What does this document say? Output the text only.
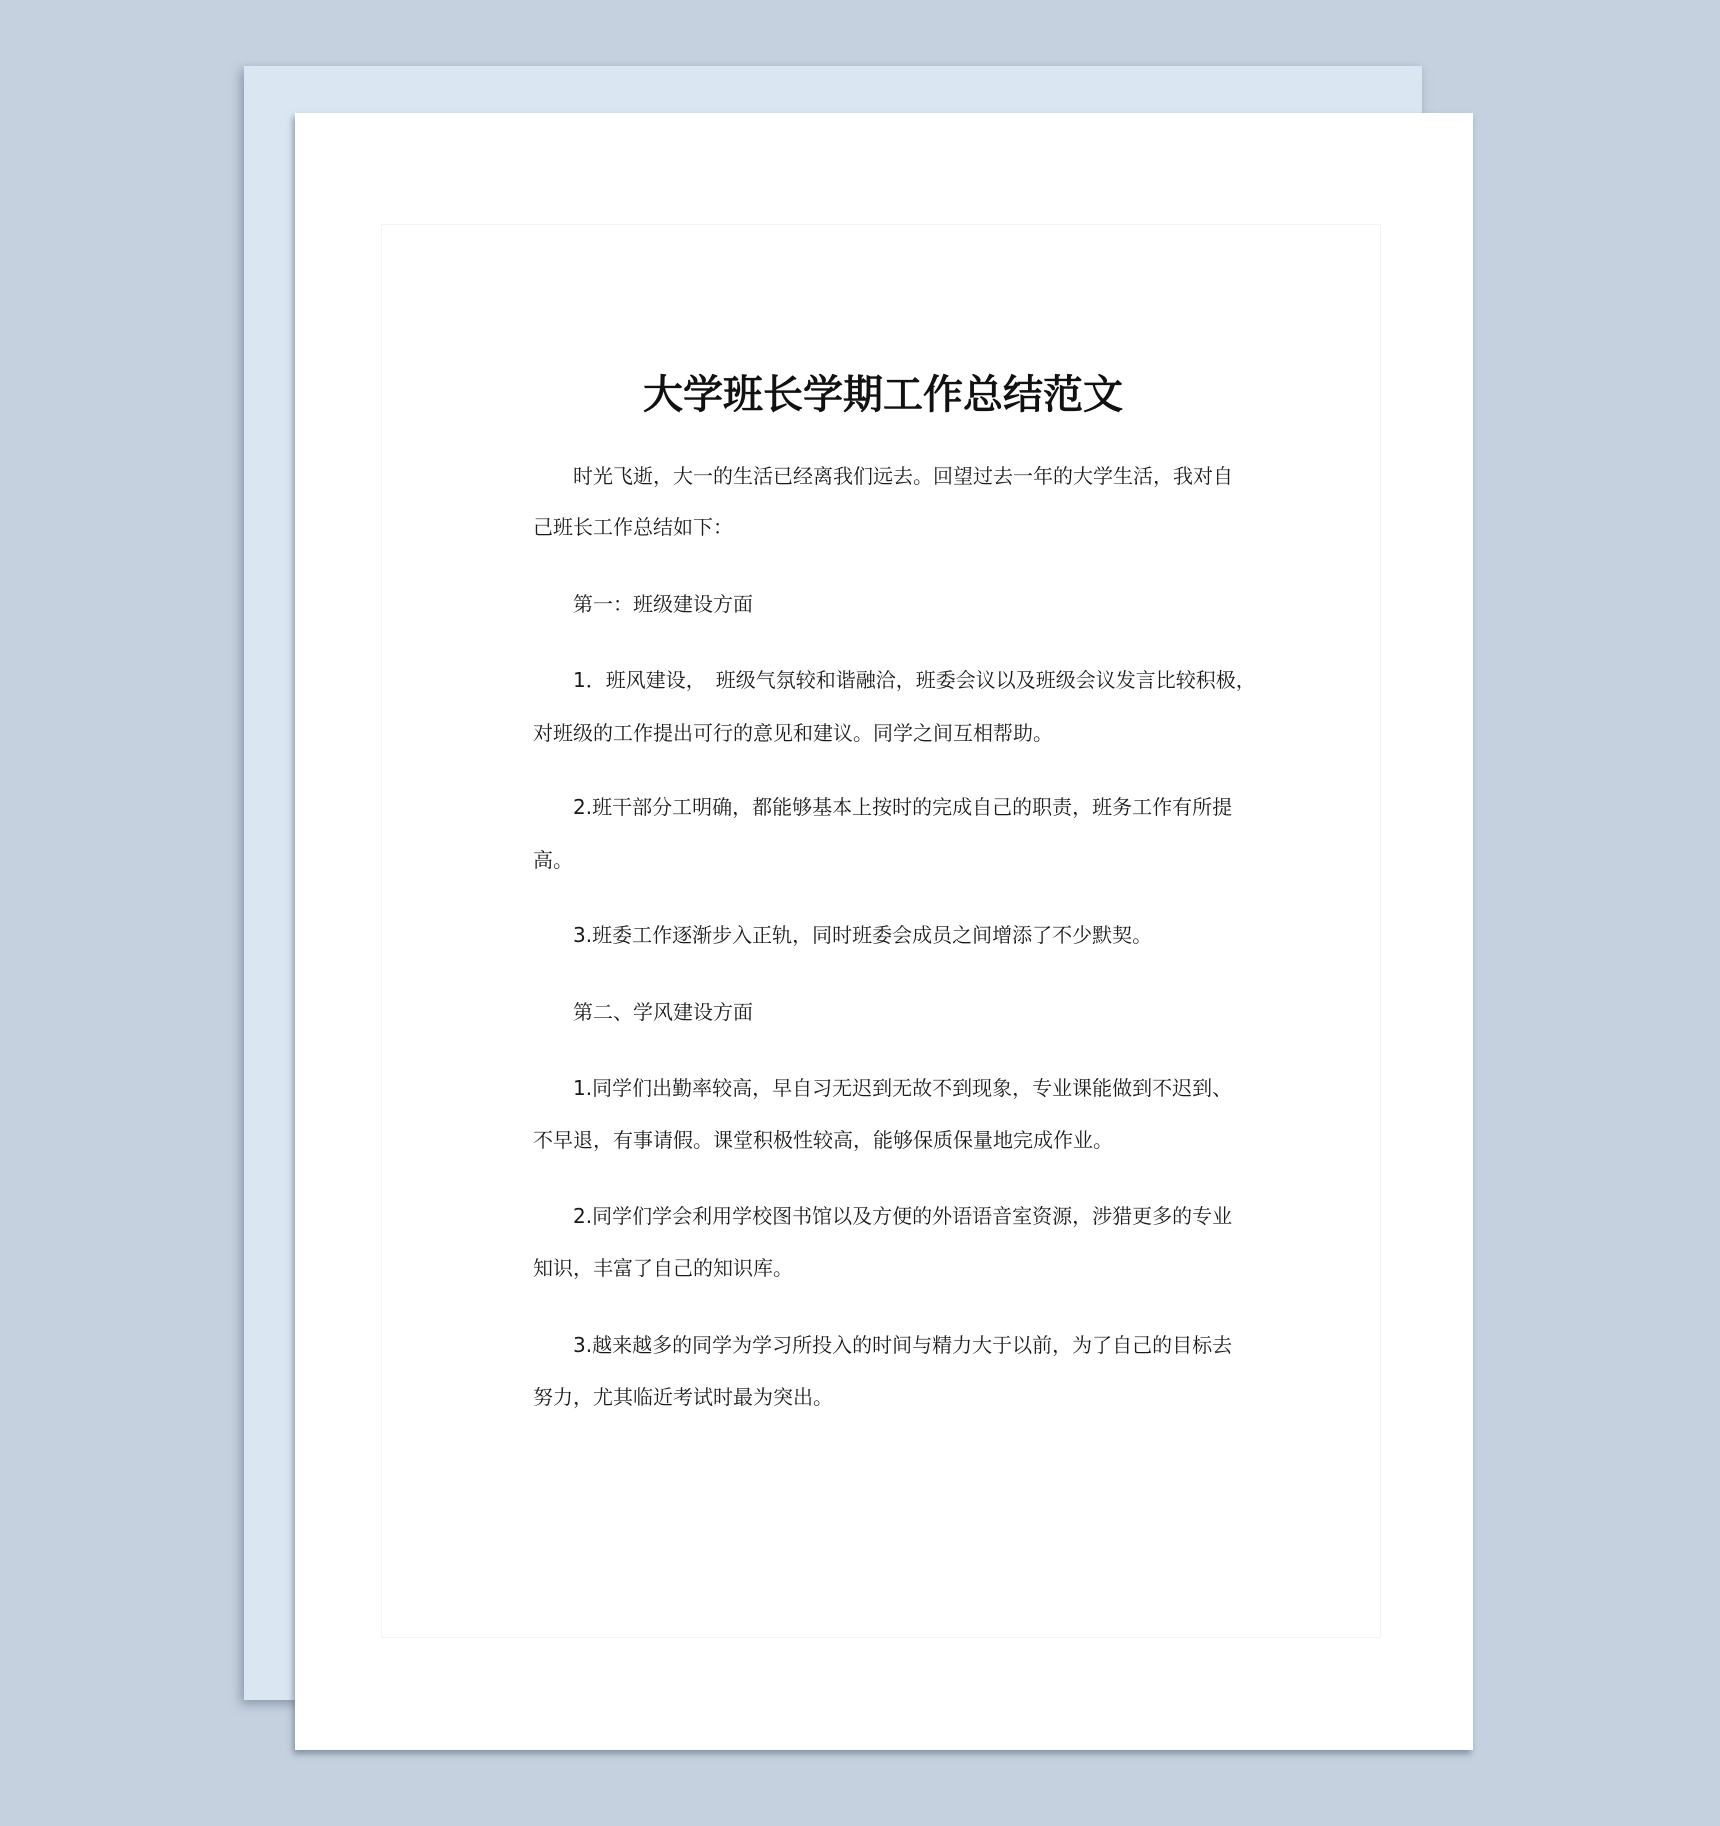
大学班长学期工作总结范文
时光飞逝，大一的生活已经离我们远去。回望过去一年的大学生活，我对自
己班长工作总结如下：
第一：班级建设方面
1．班风建设，　班级气氛较和谐融洽，班委会议以及班级会议发言比较积极，
对班级的工作提出可行的意见和建议。同学之间互相帮助。
2.班干部分工明确，都能够基本上按时的完成自己的职责，班务工作有所提
高。
3.班委工作逐渐步入正轨，同时班委会成员之间增添了不少默契。
第二、学风建设方面
1.同学们出勤率较高，早自习无迟到无故不到现象，专业课能做到不迟到、
不早退，有事请假。课堂积极性较高，能够保质保量地完成作业。
2.同学们学会利用学校图书馆以及方便的外语语音室资源，涉猎更多的专业
知识，丰富了自己的知识库。
3.越来越多的同学为学习所投入的时间与精力大于以前，为了自己的目标去
努力，尤其临近考试时最为突出。
